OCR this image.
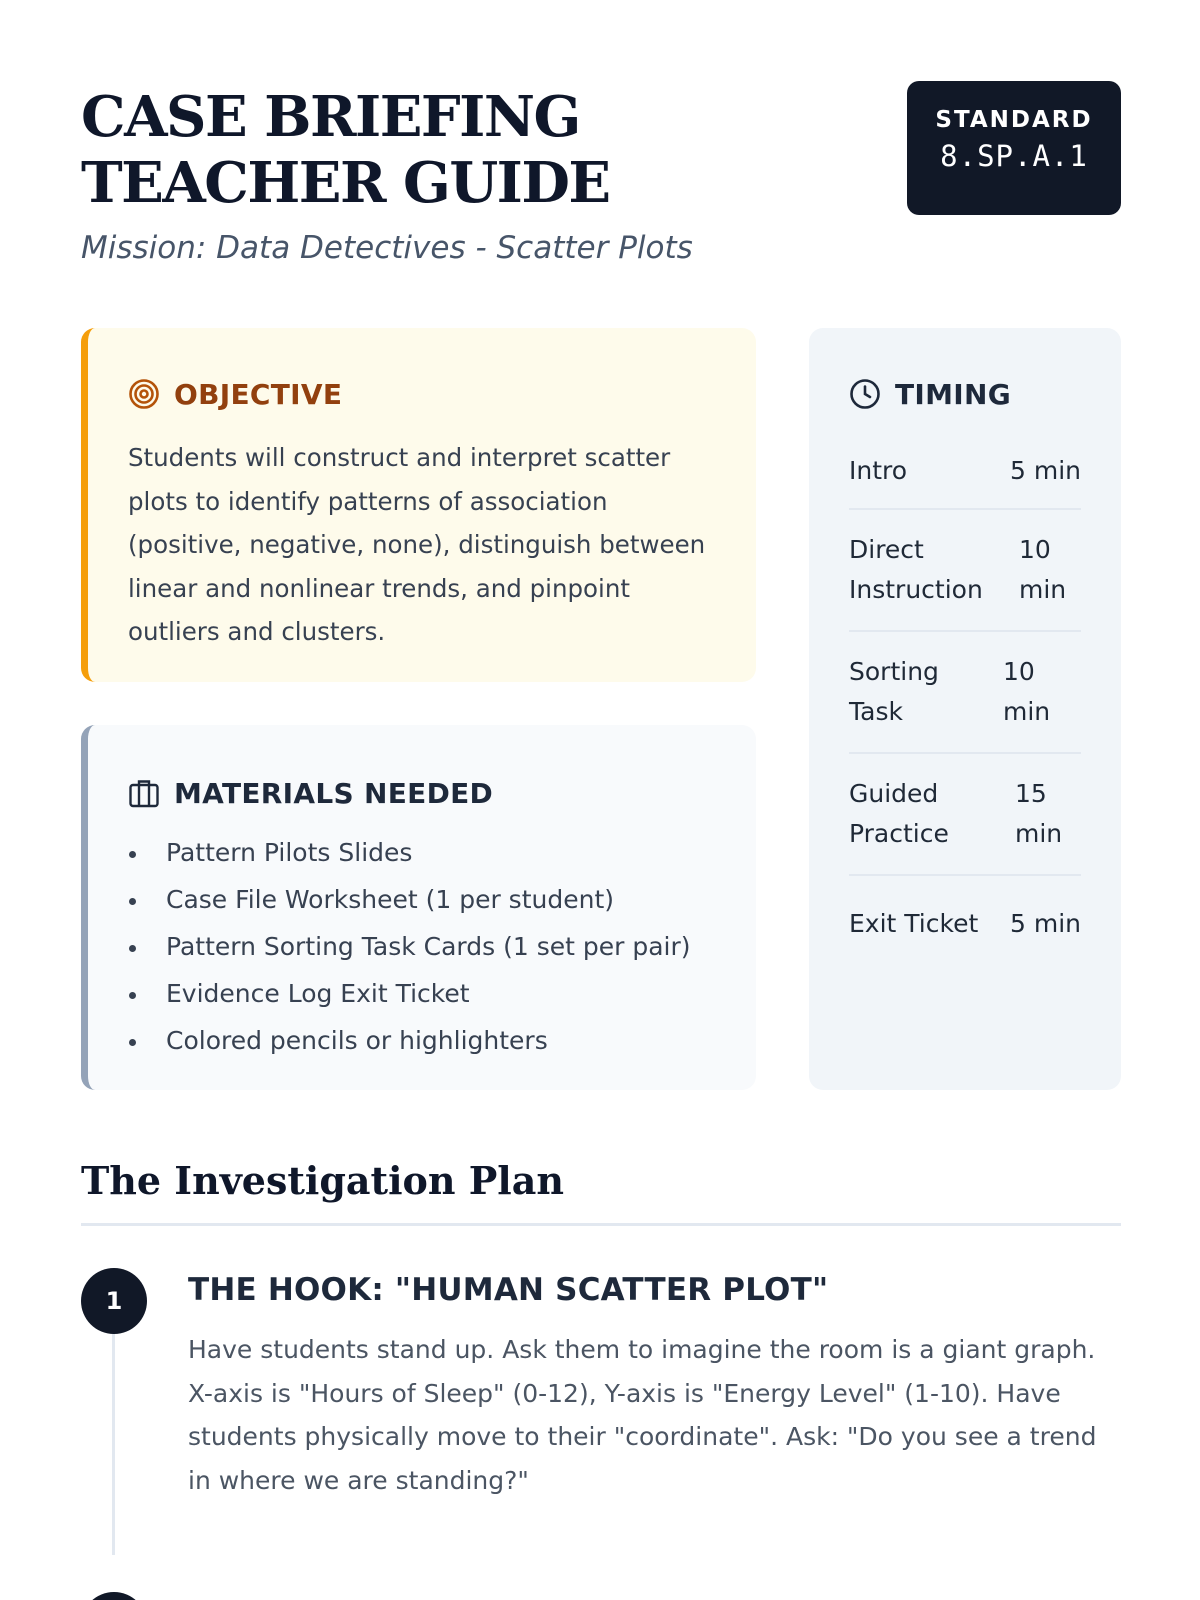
CASE BRIEFING TEACHER GUIDE
Mission: Data Detectives - Scatter Plots
STANDARD
8.SP.A.1
OBJECTIVE

Students will construct and interpret scatter plots to identify patterns of association (positive, negative, none), distinguish between linear and nonlinear trends, and pinpoint outliers and clusters.

MATERIALS NEEDED
Pattern Pilots Slides
Case File Worksheet (1 per student)
Pattern Sorting Task Cards (1 set per pair)
Evidence Log Exit Ticket
Colored pencils or highlighters
TIMING
Intro	5 min
Direct Instruction
10 min
Sorting Task
10 min
Guided Practice
15 min
Exit Ticket 5 min
The Investigation Plan
1	THE HOOK: "HUMAN SCATTER PLOT"

Have students stand up. Ask them to imagine the room is a giant graph. X-axis is "Hours of Sleep" (0-12), Y-axis is "Energy Level" (1-10). Have students physically move to their "coordinate". Ask: "Do you see a trend in where we are standing?"
